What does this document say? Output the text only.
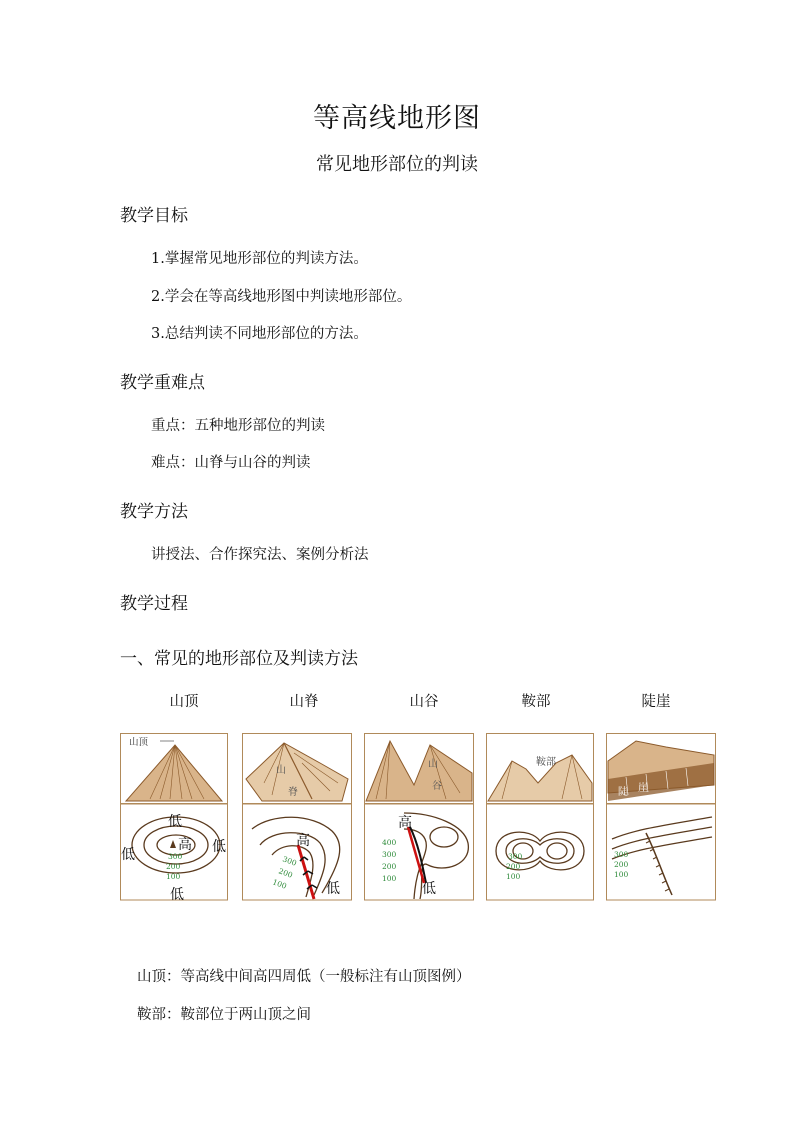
等高线地形图
常见地形部位的判读
教学目标
1.掌握常见地形部位的判读方法。
2.学会在等高线地形图中判读地形部位。
3.总结判读不同地形部位的方法。
教学重难点
重点：五种地形部位的判读
难点：山脊与山谷的判读
教学方法
讲授法、合作探究法、案例分析法
教学过程
一、常见的地形部位及判读方法
山顶	山脊	山谷	鞍部	陡崖
山顶
高
低
低	低
低
300
200
100
山
脊
高
低
300
200
100
山
谷
高
低
400
300
200
100
鞍部
300
200
100
陡 崖
300
200
100
山顶：等高线中间高四周低（一般标注有山顶图例）
鞍部：鞍部位于两山顶之间
